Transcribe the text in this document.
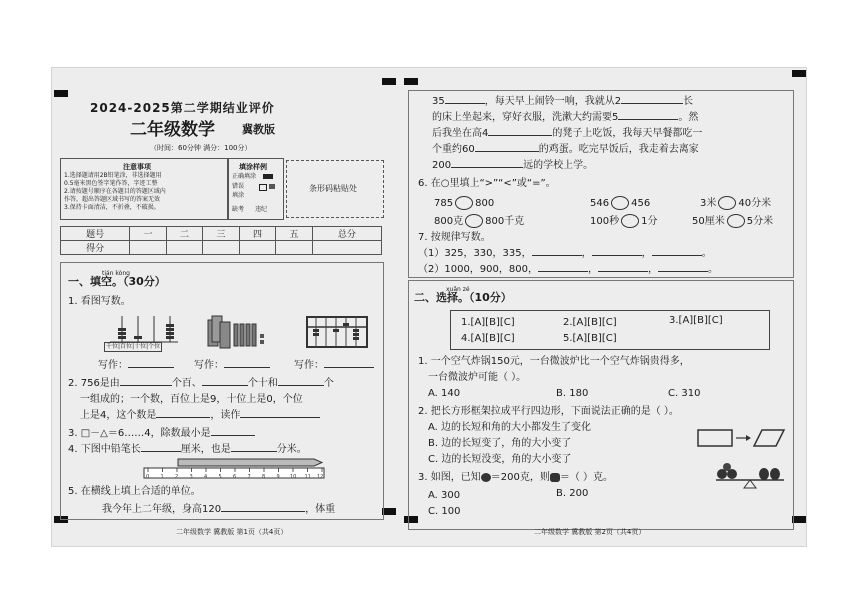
2024-2025第二学期结业评价
二年级数学 冀教版
（时间：60分钟 满分：100分）
注意事项
1.选择题请用2B铅笔涂，非选择题用
0.5毫米黑色签字笔作答，字迹工整
2.请按题号顺序在各题目的答题区域内
作答，超出答题区域书写的答案无效
3.保持卡面清洁，不折叠，不破损。
填涂样例
正确填涂
错误
填涂
缺考 违纪
条形码粘贴处
题号	一	二	三	四	五	总分
得分						
tián kòng
一、填空。（30分）
1. 看图写数。
千位|百位|十位|个位
写作：	写作：	写作：
2. 756是由	个百、	个十和	个
一组成的；一个数，百位上是9，十位上是0，个位
上是4，这个数是	，读作
3. □－△＝6……4，除数最小是
4. 下图中铅笔长	厘米，也是	分米。
0 1 2 3 4 5 6 7 8 9 10 11 12
5. 在横线上填上合适的单位。
我今年上二年级，身高120	，体重
二年级数学 冀教版 第1页（共4页）
35	，每天早上闹铃一响，我就从2	长
的床上坐起来，穿好衣服，洗漱大约需要5	。然
后我坐在高4	的凳子上吃饭，我每天早餐都吃一
个重约60	的鸡蛋。吃完早饭后，我走着去离家
200	远的学校上学。
6. 在○里填上“>”“<”或“=”。
785 800	546 456	3米 40分米
800克 800千克	100秒 1分	50厘米 5分米
7. 按规律写数。
（1）325，330，335，	，	，	。
（2）1000，900，800，	，	，	。
xuǎn zé
二、选择。（10分）
1.[A][B][C]	2.[A][B][C]	3.[A][B][C]
4.[A][B][C]	5.[A][B][C]
1. 一个空气炸锅150元，一台微波炉比一个空气炸锅贵得多，
一台微波炉可能（ ）。
A. 140	B. 180	C. 310
2. 把长方形框架拉成平行四边形，下面说法正确的是（ ）。
A. 边的长短和角的大小都发生了变化
B. 边的长短变了，角的大小变了
C. 边的长短没变，角的大小变了
3. 如图，已知 ＝200克，则 ＝（ ）克。
A. 300	B. 200
C. 100
二年级数学 冀教版 第2页（共4页）
